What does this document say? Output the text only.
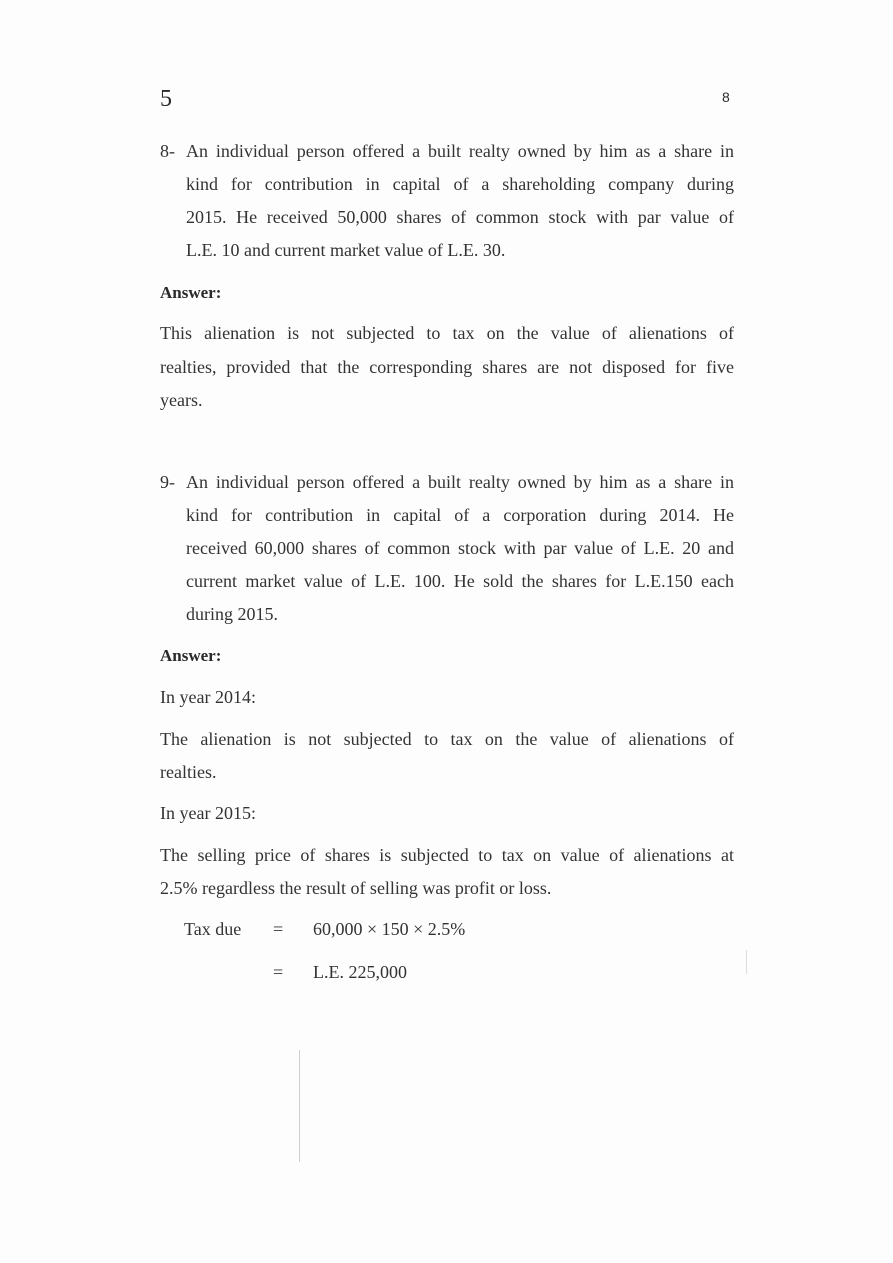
5	8
8- An individual person offered a built realty owned by him as a share in
kind for contribution in capital of a shareholding company during
2015. He received 50,000 shares of common stock with par value of
L.E. 10 and current market value of L.E. 30.
Answer:
This alienation is not subjected to tax on the value of alienations of
realties, provided that the corresponding shares are not disposed for five
years.
9- An individual person offered a built realty owned by him as a share in
kind for contribution in capital of a corporation during 2014. He
received 60,000 shares of common stock with par value of L.E. 20 and
current market value of L.E. 100. He sold the shares for L.E.150 each
during 2015.
Answer:
In year 2014:
The alienation is not subjected to tax on the value of alienations of
realties.
In year 2015:
The selling price of shares is subjected to tax on value of alienations at
2.5% regardless the result of selling was profit or loss.
Tax due = 60,000 × 150 × 2.5%
= L.E. 225,000
